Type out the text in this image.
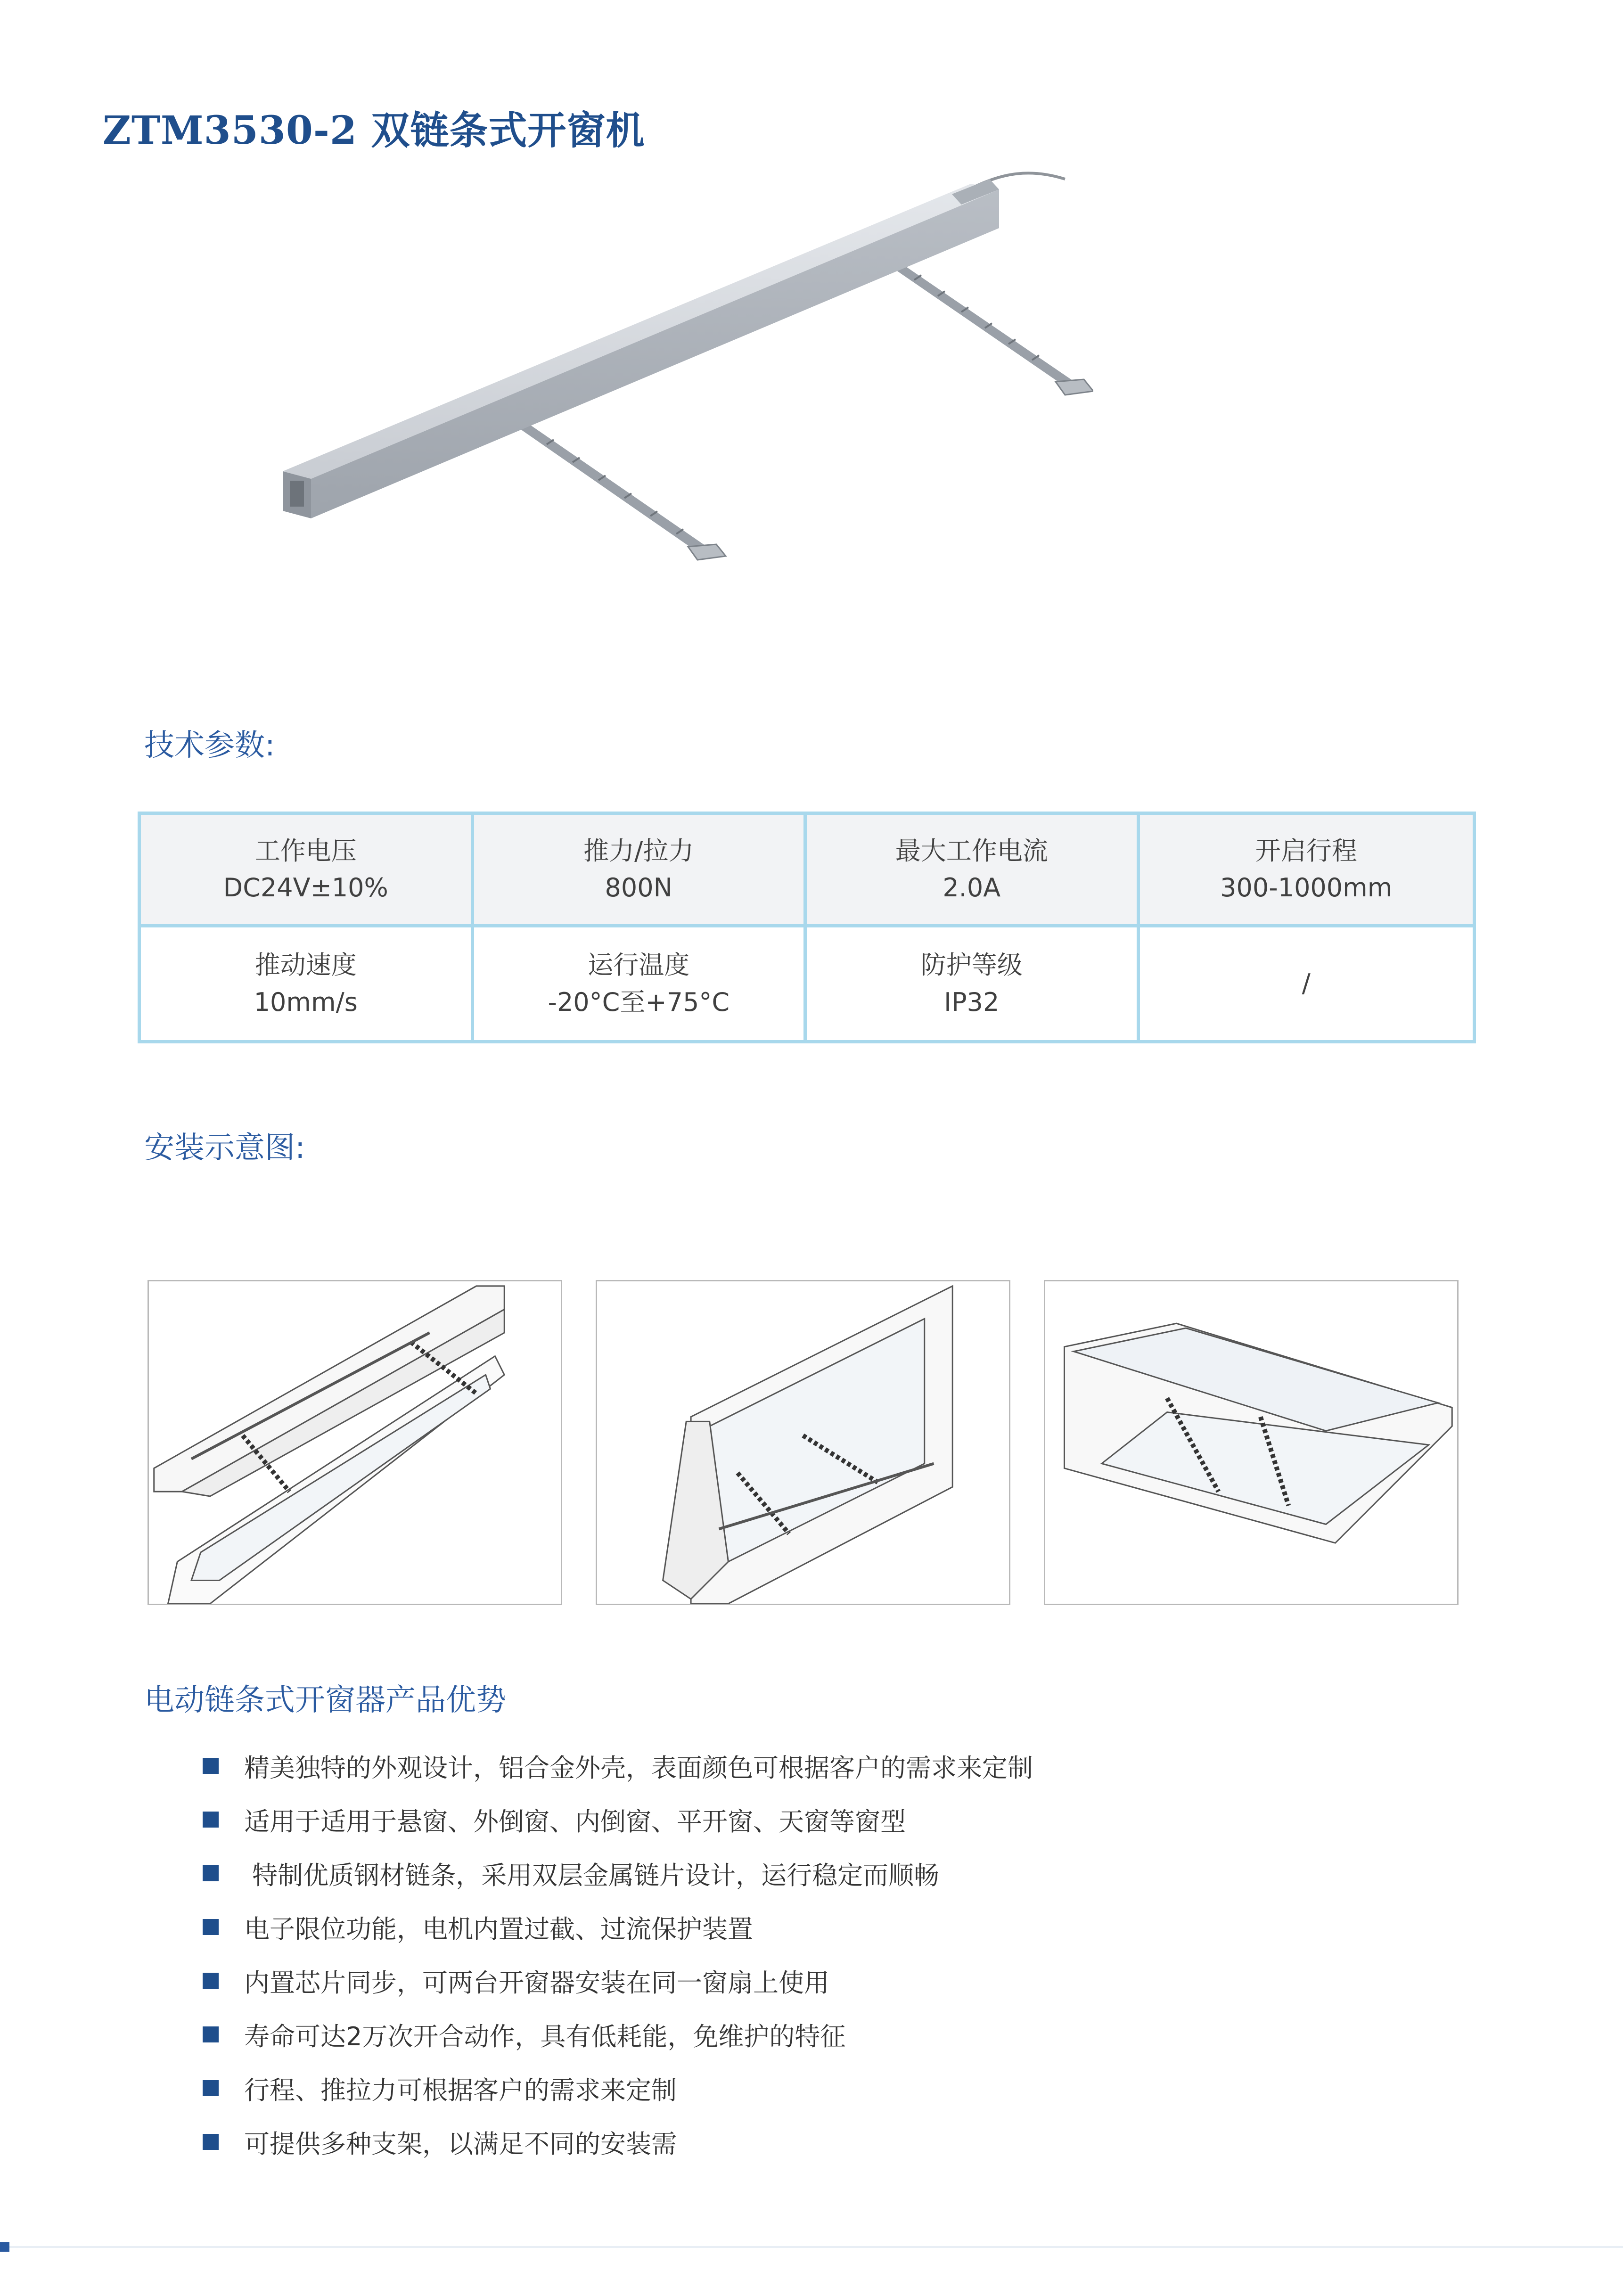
ZTM3530-2 双链条式开窗机
技术参数:
工作电压
DC24V±10%
推力/拉力
800N
最大工作电流
2.0A
开启行程
300-1000mm
推动速度
10mm/s
运行温度
-20°C至+75°C
防护等级
IP32
/
安装示意图:
电动链条式开窗器产品优势
精美独特的外观设计，铝合金外壳，表面颜色可根据客户的需求来定制
适用于适用于悬窗、外倒窗、内倒窗、平开窗、天窗等窗型
特制优质钢材链条，采用双层金属链片设计，运行稳定而顺畅
电子限位功能，电机内置过截、过流保护装置
内置芯片同步，可两台开窗器安装在同一窗扇上使用
寿命可达2万次开合动作，具有低耗能，免维护的特征
行程、推拉力可根据客户的需求来定制
可提供多种支架，以满足不同的安装需
